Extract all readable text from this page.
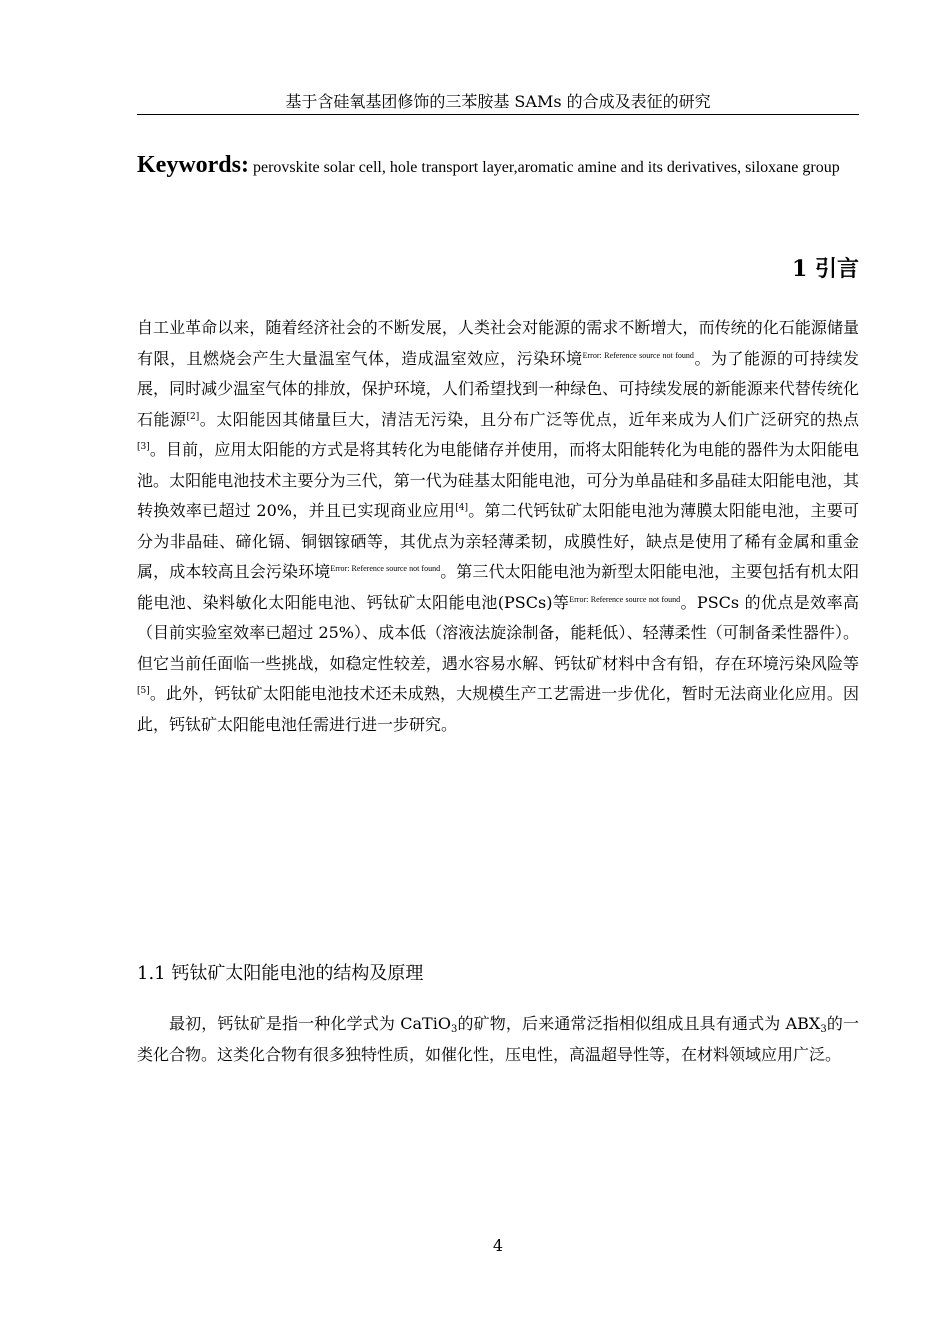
基于含硅氧基团修饰的三苯胺基 SAMs 的合成及表征的研究
Keywords: perovskite solar cell, hole transport layer,aromatic amine and its derivatives, siloxane group
1 引言
自工业革命以来，随着经济社会的不断发展，人类社会对能源的需求不断增大，而传统的化石能源储量有限，且燃烧会产生大量温室气体，造成温室效应，污染环境$^{Error: Reference source not found}$。为了能源的可持续发展，同时减少温室气体的排放，保护环境，人们希望找到一种绿色、可持续发展的新能源来代替传统化石能源[2]。太阳能因其储量巨大，清洁无污染，且分布广泛等优点，近年来成为人们广泛研究的热点[3]。目前，应用太阳能的方式是将其转化为电能储存并使用，而将太阳能转化为电能的器件为太阳能电池。太阳能电池技术主要分为三代，第一代为硅基太阳能电池，可分为单晶硅和多晶硅太阳能电池，其转换效率已超过 20%，并且已实现商业应用[4]。第二代钙钛矿太阳能电池为薄膜太阳能电池，主要可分为非晶硅、碲化镉、铜铟镓硒等，其优点为亲轻薄柔韧，成膜性好，缺点是使用了稀有金属和重金属，成本较高且会污染环境$^{Error: Reference source not found}$。第三代太阳能电池为新型太阳能电池，主要包括有机太阳能电池、染料敏化太阳能电池、钙钛矿太阳能电池(PSCs)等$^{Error: Reference source not found}$。PSCs 的优点是效率高（目前实验室效率已超过 25%）、成本低（溶液法旋涂制备，能耗低）、轻薄柔性（可制备柔性器件）。但它当前任面临一些挑战，如稳定性较差，遇水容易水解、钙钛矿材料中含有铅，存在环境污染风险等[5]。此外，钙钛矿太阳能电池技术还未成熟，大规模生产工艺需进一步优化，暂时无法商业化应用。因此，钙钛矿太阳能电池任需进行进一步研究。
1.1 钙钛矿太阳能电池的结构及原理
最初，钙钛矿是指一种化学式为 CaTiO3的矿物，后来通常泛指相似组成且具有通式为 ABX3的一类化合物。这类化合物有很多独特性质，如催化性，压电性，高温超导性等，在材料领域应用广泛。
4
